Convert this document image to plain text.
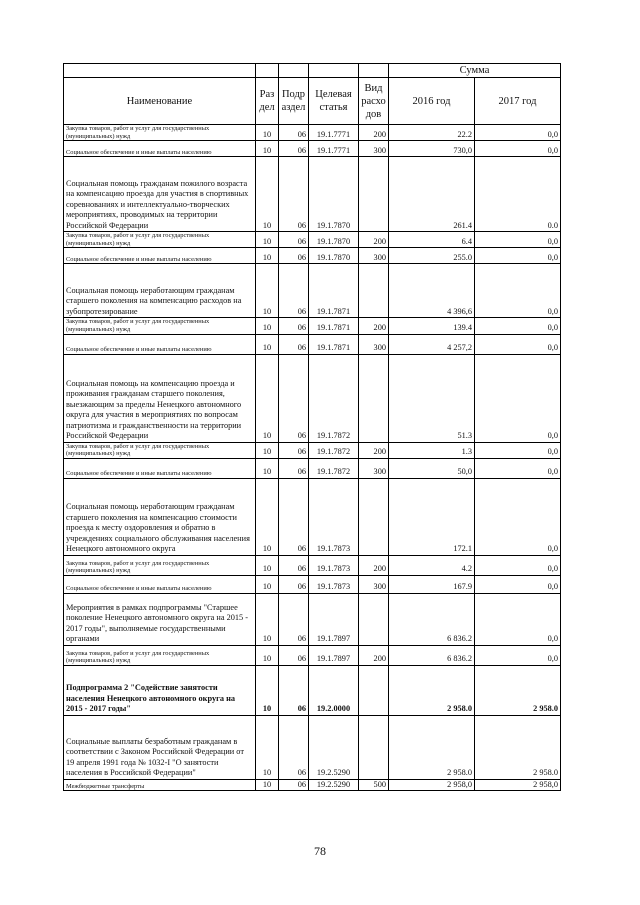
					Сумма	
Наименование	Раз дел	Подр аздел	Целевая статья	Вид расхо дов	2016 год	2017 год
Закупка товаров, работ и услуг для государственных (муниципальных) нужд	10	06	19.1.7771	200	22.2	0,0
Социальное обеспечение и иные выплаты населению	10	06	19.1.7771	300	730,0	0,0
Социальная помощь гражданам пожилого возраста на компенсацию проезда для участия в спортивных соревнованиях и интеллектуально-творческих мероприятиях, проводимых на территории Российской Федерации	10	06	19.1.7870		261.4	0.0
Закупка товаров, работ и услуг для государственных (муниципальных) нужд	10	06	19.1.7870	200	6.4	0,0
Социальное обеспечение и иные выплаты населению	10	06	19.1.7870	300	255.0	0,0
Социальная помощь неработающим гражданам старшего поколения на компенсацию расходов на зубопротезирование	10	06	19.1.7871		4 396,6	0,0
Закупка товаров, работ и услуг для государственных (муниципальных) нужд	10	06	19.1.7871	200	139.4	0,0
Социальное обеспечение и иные выплаты населению	10	06	19.1.7871	300	4 257,2	0,0
Социальная помощь на компенсацию проезда и проживания гражданам старшего поколения, выезжающим за пределы Ненецкого автономного округа для участия в мероприятиях по вопросам патриотизма и гражданственности на территории Российской Федерации	10	06	19.1.7872		51.3	0,0
Закупка товаров, работ и услуг для государственных (муниципальных) нужд	10	06	19.1.7872	200	1.3	0,0
Социальное обеспечение и иные выплаты населению	10	06	19.1.7872	300	50,0	0,0
Социальная помощь неработающим гражданам старшего поколения на компенсацию стоимости проезда к месту оздоровления и обратно в учреждениях социального обслуживания населения Ненецкого автономного округа	10	06	19.1.7873		172.1	0,0
Закупка товаров, работ и услуг для государственных (муниципальных) нужд	10	06	19.1.7873	200	4.2	0,0
Социальное обеспечение и иные выплаты населению	10	06	19.1.7873	300	167.9	0,0
Мероприятия в рамках подпрограммы "Старшее поколение Ненецкого автономного округа на 2015 - 2017 годы", выполняемые государственными органами	10	06	19.1.7897		6 836.2	0,0
Закупка товаров, работ и услуг для государственных (муниципальных) нужд	10	06	19.1.7897	200	6 836.2	0,0
Подпрограмма 2 "Содействие занятости населения Ненецкого автономного округа на 2015 - 2017 годы"	10	06	19.2.0000		2 958.0	2 958.0
Социальные выплаты безработным гражданам в соответствии с Законом Российской Федерации от 19 апреля 1991 года № 1032-I "О занятости населения в Российской Федерации"	10	06	19.2.5290		2 958.0	2 958.0
Межбюджетные трансферты	10	06	19.2.5290	500	2 958,0	2 958,0
78
